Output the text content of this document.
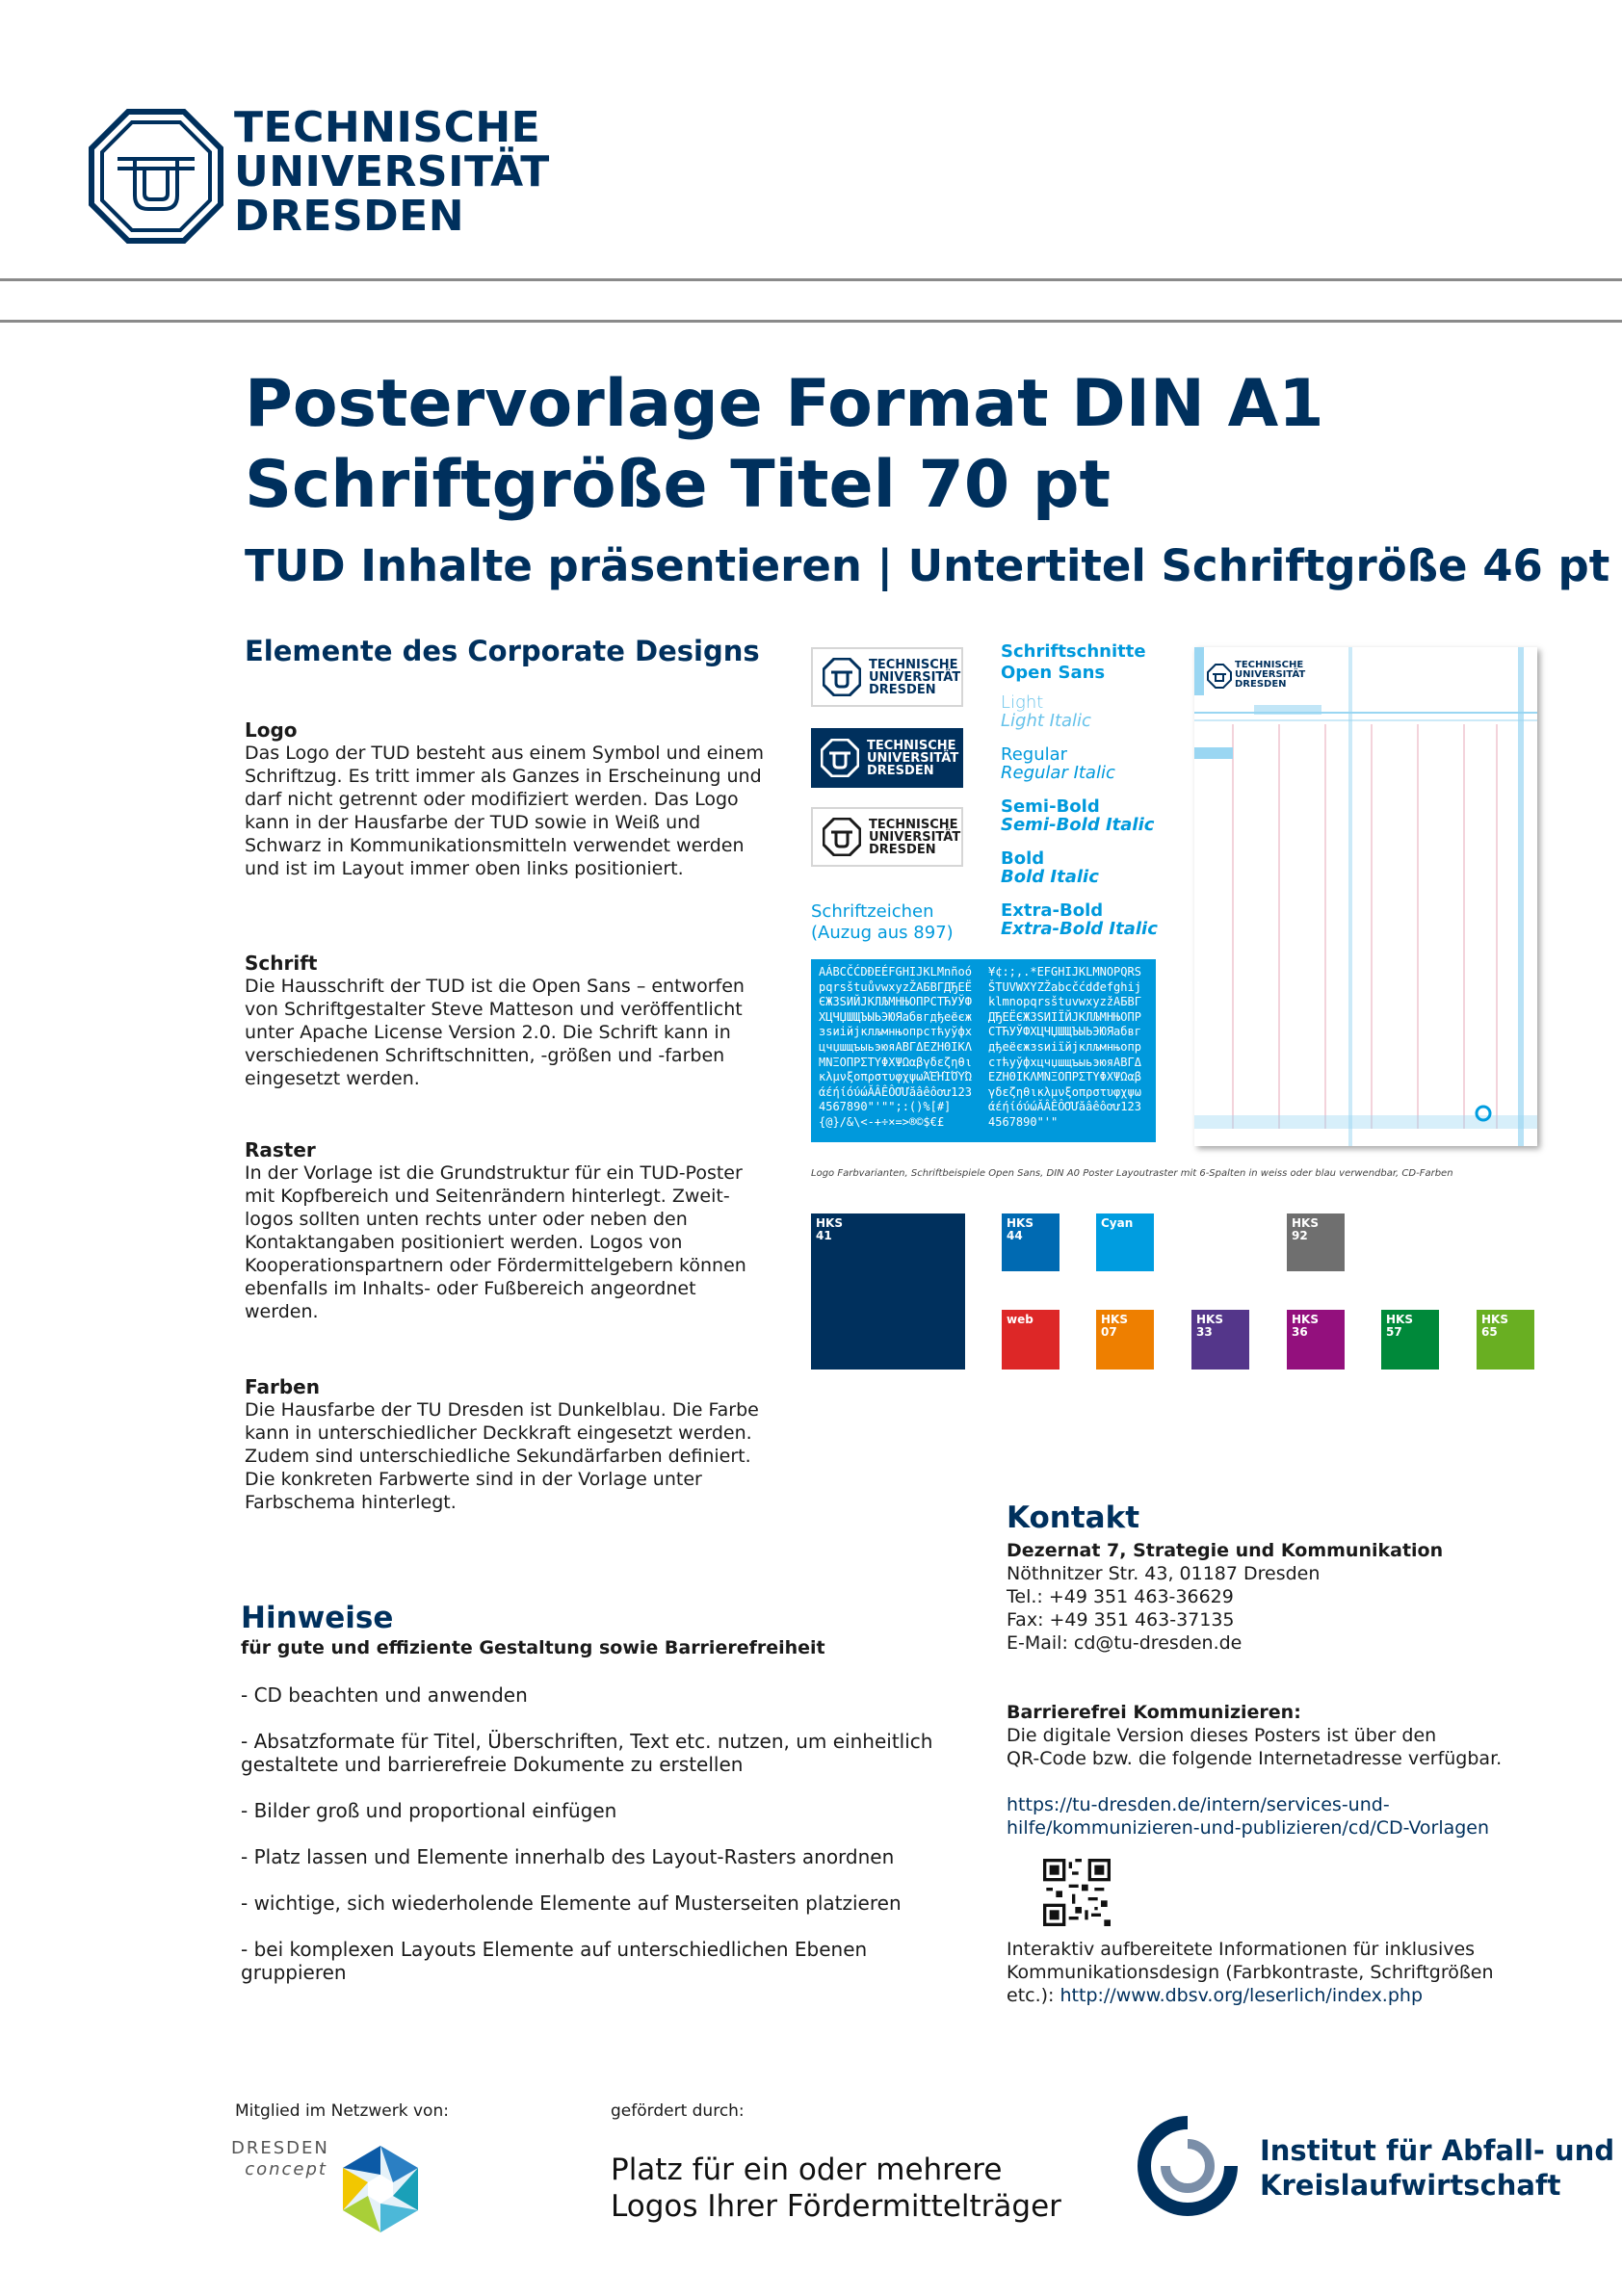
TECHNISCHE
UNIVERSITÄT
DRESDEN
Postervorlage Format DIN A1
Schriftgröße Titel 70 pt
TUD Inhalte präsentieren | Untertitel Schriftgröße 46 pt
Elemente des Corporate Designs
Logo
Das Logo der TUD besteht aus einem Symbol und einem Schriftzug. Es tritt immer als Ganzes in Erscheinung und darf nicht getrennt oder modifiziert werden. Das Logo kann in der Hausfarbe der TUD sowie in Weiß und Schwarz in Kommunikationsmitteln verwendet werden und ist im Layout immer oben links positioniert.
Schrift
Die Hausschrift der TUD ist die Open Sans – entworfen von Schriftgestalter Steve Matteson und veröffentlicht unter Apache License Version 2.0. Die Schrift kann in verschiedenen Schriftschnitten, -größen und -farben eingesetzt werden.
Raster
In der Vorlage ist die Grundstruktur für ein TUD-Poster mit Kopfbereich und Seitenrändern hinterlegt. Zweit-logos sollten unten rechts unter oder neben den Kontaktangaben positioniert werden. Logos von Kooperationspartnern oder Fördermittelgebern können ebenfalls im Inhalts- oder Fußbereich angeordnet werden.
Farben
Die Hausfarbe der TU Dresden ist Dunkelblau. Die Farbe kann in unterschiedlicher Deckkraft eingesetzt werden. Zudem sind unterschiedliche Sekundärfarben definiert. Die konkreten Farbwerte sind in der Vorlage unter Farbschema hinterlegt.
TECHNISCHE
UNIVERSITÄT
DRESDEN
TECHNISCHE
UNIVERSITÄT
DRESDEN
TECHNISCHE
UNIVERSITÄT
DRESDEN
Schriftschnitte
Open Sans
Light
Light Italic
Regular
Regular Italic
Semi-Bold
Semi-Bold Italic
Bold
Bold Italic
Extra-Bold
Extra-Bold Italic
Schriftzeichen
(Auzug aus 897)
AÁBCČĆDĐEÉFGHIJKLMnñoópqrsštuůvwxyzŽAБВГДЂЕЁЄЖЗЅИЙЈКЛЉМНЊОПРСТЋУЎФХЦЧЏШЩЪЫЬЭЮЯабвгдђеёєжзѕиійјклљмнњопрстћуўфхцчџшщъыьэюяΑΒΓΔΕΖΗΘΙΚΛΜΝΞΟΠΡΣΤΥΦΧΨΩαβγδεζηθικλμνξοπρστυφχψωΆΈΉΊΌΎΏάέήίόύώĂÂÊÔƠƯăâêôơư1234567890"'"";:()%[#]{@}/&\<-+÷×=>®©$€£
¥¢:;,.*EFGHIJKLMNOPQRSŠTUVWXYZŽabcčćdđefghijklmnopqrsštuvwxyzžАБВГДЂЕЁЄЖЗЅИІЇЙЈКЛЉМНЊОПРСТЋУЎФХЦЧЏШЩЪЫЬЭЮЯабвгдђеёєжзѕиіїйјклљмнњопрстћуўфхцчџшщъыьэюяΑΒΓΔΕΖΗΘΙΚΛΜΝΞΟΠΡΣΤΥΦΧΨΩαβγδεζηθικλμνξοπρστυφχψωάέήίόύώĂÂÊÔƠƯăâêôơư1234567890"'"
TECHNISCHE
UNIVERSITÄT
DRESDEN
Logo Farbvarianten, Schriftbeispiele Open Sans, DIN A0 Poster Layoutraster mit 6-Spalten in weiss oder blau verwendbar, CD-Farben
HKS 41
HKS 44
Cyan	HKS 92
web	HKS 07
HKS 33
HKS 36
HKS 57
HKS 65
Kontakt
Dezernat 7, Strategie und Kommunikation
Nöthnitzer Str. 43, 01187 Dresden
Tel.: +49 351 463-36629
Fax: +49 351 463-37135
E-Mail: cd@tu-dresden.de
Barrierefrei Kommunizieren:
Die digitale Version dieses Posters ist über den
QR-Code bzw. die folgende Internetadresse verfügbar.
https://tu-dresden.de/intern/services-und-
hilfe/kommunizieren-und-publizieren/cd/CD-Vorlagen
Interaktiv aufbereitete Informationen für inklusives
Kommunikationsdesign (Farbkontraste, Schriftgrößen
etc.): http://www.dbsv.org/leserlich/index.php
Hinweise
für gute und effiziente Gestaltung sowie Barrierefreiheit
- CD beachten und anwenden
- Absatzformate für Titel, Überschriften, Text etc. nutzen, um einheitlich gestaltete und barrierefreie Dokumente zu erstellen
- Bilder groß und proportional einfügen
- Platz lassen und Elemente innerhalb des Layout-Rasters anordnen
- wichtige, sich wiederholende Elemente auf Musterseiten platzieren
- bei komplexen Layouts Elemente auf unterschiedlichen Ebenen gruppieren
Mitglied im Netzwerk von:	gefördert durch:
DRESDEN
concept	Platz für ein oder mehrere
Logos Ihrer Fördermittelträger
Institut für Abfall- und
Kreislaufwirtschaft
